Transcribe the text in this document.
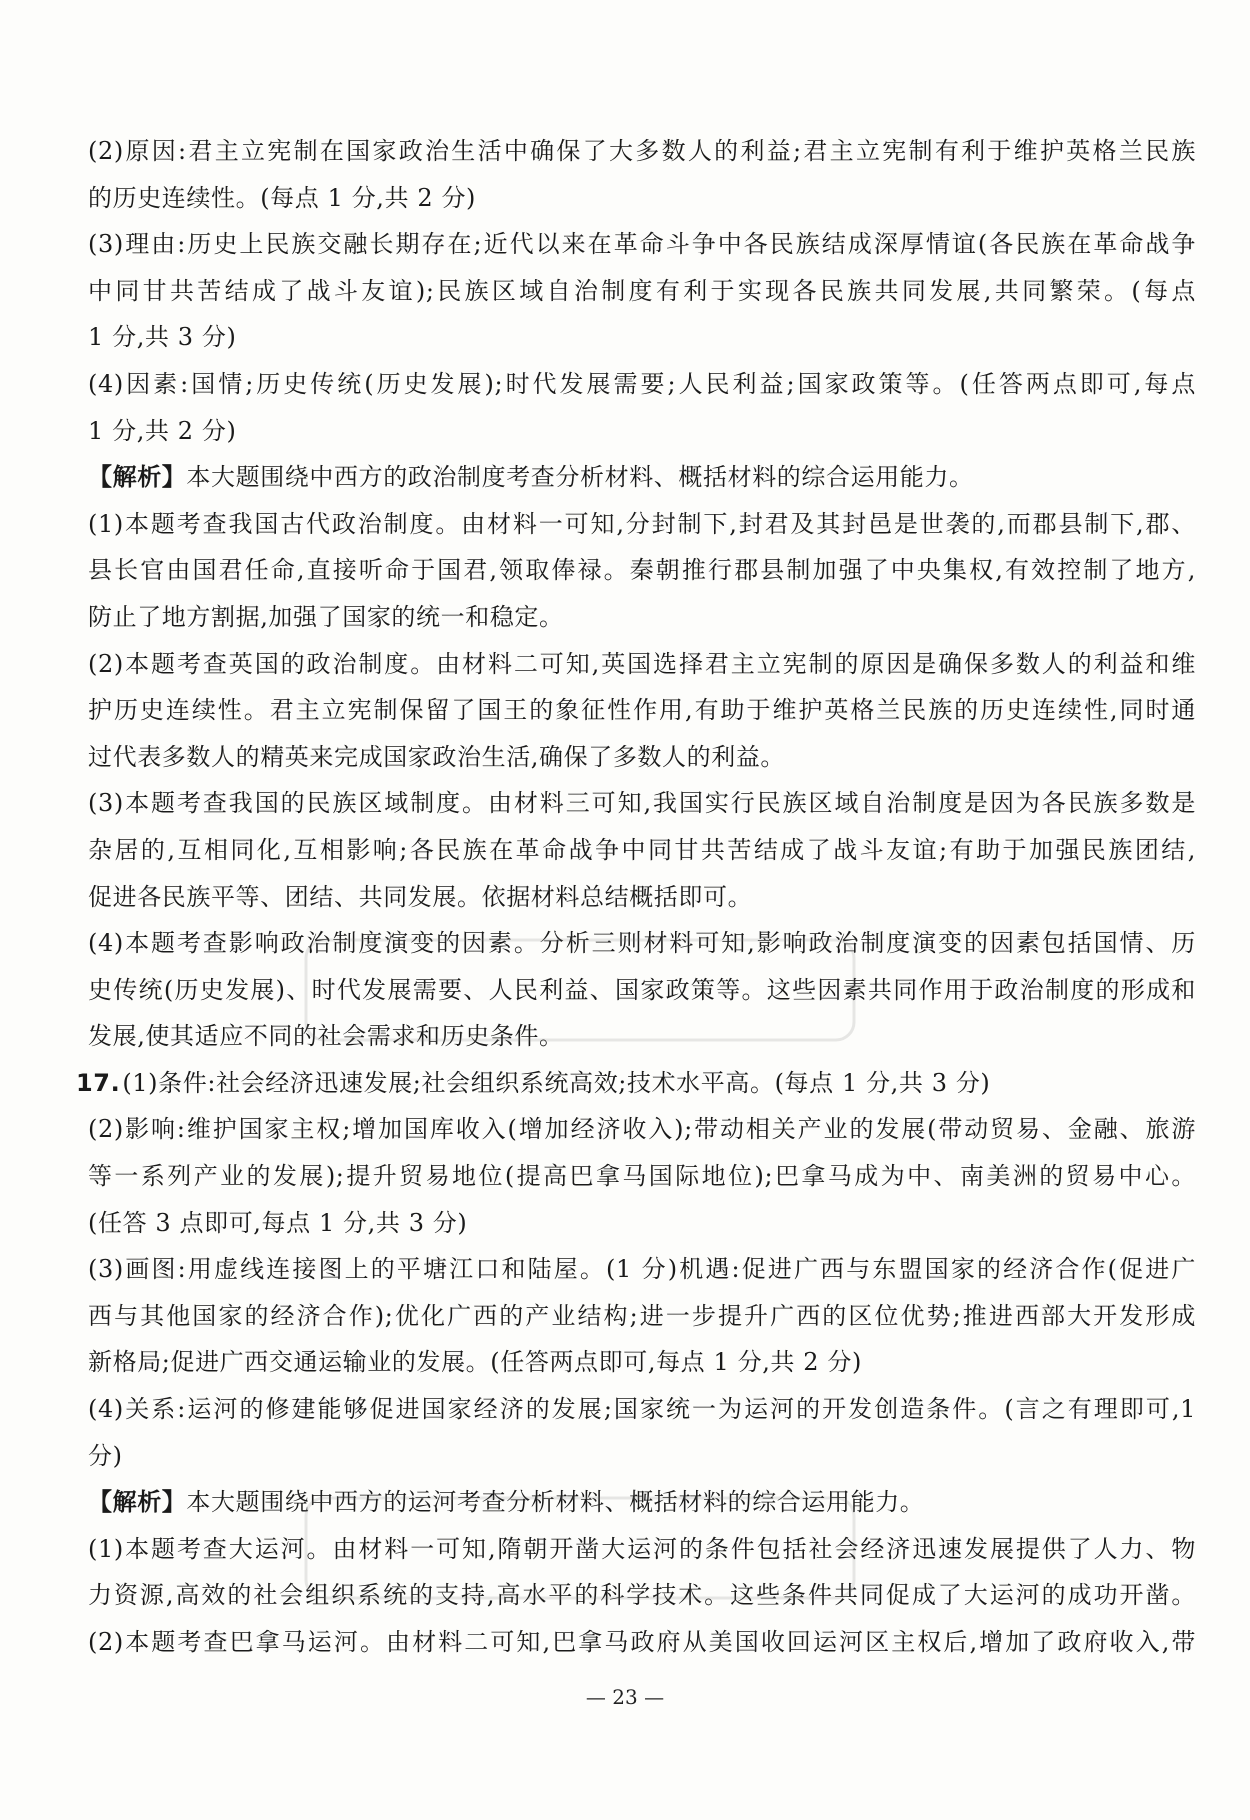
(2)原因:君主立宪制在国家政治生活中确保了大多数人的利益;君主立宪制有利于维护英格兰民族
的历史连续性。(每点 1 分,共 2 分)
(3)理由:历史上民族交融长期存在;近代以来在革命斗争中各民族结成深厚情谊(各民族在革命战争
中同甘共苦结成了战斗友谊);民族区域自治制度有利于实现各民族共同发展,共同繁荣。(每点
1 分,共 3 分)
(4)因素:国情;历史传统(历史发展);时代发展需要;人民利益;国家政策等。(任答两点即可,每点
1 分,共 2 分)
【解析】本大题围绕中西方的政治制度考查分析材料、概括材料的综合运用能力。
(1)本题考查我国古代政治制度。由材料一可知,分封制下,封君及其封邑是世袭的,而郡县制下,郡、
县长官由国君任命,直接听命于国君,领取俸禄。秦朝推行郡县制加强了中央集权,有效控制了地方,
防止了地方割据,加强了国家的统一和稳定。
(2)本题考查英国的政治制度。由材料二可知,英国选择君主立宪制的原因是确保多数人的利益和维
护历史连续性。君主立宪制保留了国王的象征性作用,有助于维护英格兰民族的历史连续性,同时通
过代表多数人的精英来完成国家政治生活,确保了多数人的利益。
(3)本题考查我国的民族区域制度。由材料三可知,我国实行民族区域自治制度是因为各民族多数是
杂居的,互相同化,互相影响;各民族在革命战争中同甘共苦结成了战斗友谊;有助于加强民族团结,
促进各民族平等、团结、共同发展。依据材料总结概括即可。
(4)本题考查影响政治制度演变的因素。分析三则材料可知,影响政治制度演变的因素包括国情、历
史传统(历史发展)、时代发展需要、人民利益、国家政策等。这些因素共同作用于政治制度的形成和
发展,使其适应不同的社会需求和历史条件。
17.(1)条件:社会经济迅速发展;社会组织系统高效;技术水平高。(每点 1 分,共 3 分)
(2)影响:维护国家主权;增加国库收入(增加经济收入);带动相关产业的发展(带动贸易、金融、旅游
等一系列产业的发展);提升贸易地位(提高巴拿马国际地位);巴拿马成为中、南美洲的贸易中心。
(任答 3 点即可,每点 1 分,共 3 分)
(3)画图:用虚线连接图上的平塘江口和陆屋。(1 分)机遇:促进广西与东盟国家的经济合作(促进广
西与其他国家的经济合作);优化广西的产业结构;进一步提升广西的区位优势;推进西部大开发形成
新格局;促进广西交通运输业的发展。(任答两点即可,每点 1 分,共 2 分)
(4)关系:运河的修建能够促进国家经济的发展;国家统一为运河的开发创造条件。(言之有理即可,1
分)
【解析】本大题围绕中西方的运河考查分析材料、概括材料的综合运用能力。
(1)本题考查大运河。由材料一可知,隋朝开凿大运河的条件包括社会经济迅速发展提供了人力、物
力资源,高效的社会组织系统的支持,高水平的科学技术。这些条件共同促成了大运河的成功开凿。
(2)本题考查巴拿马运河。由材料二可知,巴拿马政府从美国收回运河区主权后,增加了政府收入,带
— 23 —
